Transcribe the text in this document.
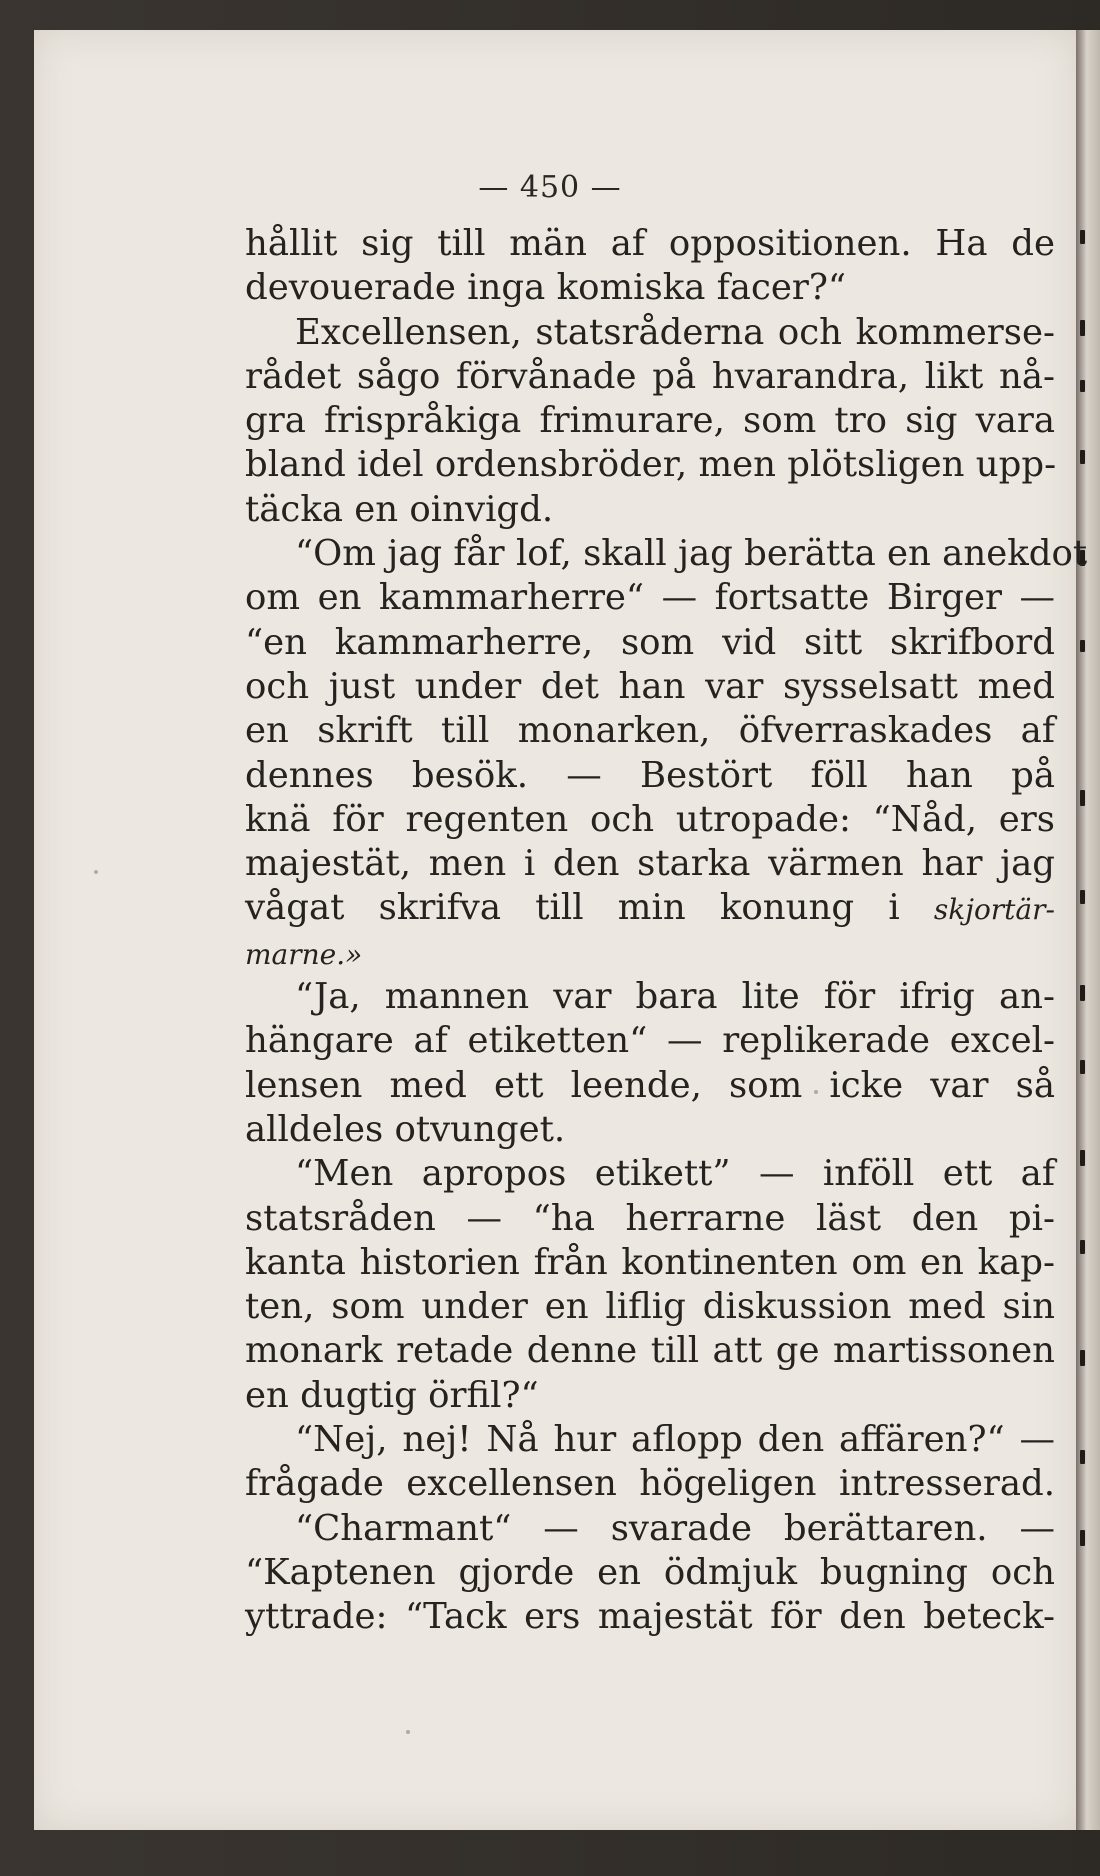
— 450 —
hållit sig till män af oppositionen. Ha de
devouerade inga komiska facer?“
Excellensen, statsråderna och kommerse-
rådet sågo förvånade på hvarandra, likt nå-
gra frispråkiga frimurare, som tro sig vara
bland idel ordensbröder, men plötsligen upp-
täcka en oinvigd.
“Om jag får lof, skall jag berätta en anekdot
om en kammarherre“ — fortsatte Birger —
“en kammarherre, som vid sitt skrifbord
och just under det han var sysselsatt med
en skrift till monarken, öfverraskades af
dennes besök. — Bestört föll han på
knä för regenten och utropade: “Nåd, ers
majestät, men i den starka värmen har jag
vågat skrifva till min konung i skjortär-
marne.»
“Ja, mannen var bara lite för ifrig an-
hängare af etiketten“ — replikerade excel-
lensen med ett leende, som icke var så
alldeles otvunget.
“Men apropos etikett” — inföll ett af
statsråden — “ha herrarne läst den pi-
kanta historien från kontinenten om en kap-
ten, som under en liflig diskussion med sin
monark retade denne till att ge martissonen
en dugtig örfil?“
“Nej, nej! Nå hur aflopp den affären?“ —
frågade excellensen högeligen intresserad.
“Charmant“ — svarade berättaren. —
“Kaptenen gjorde en ödmjuk bugning och
yttrade: “Tack ers majestät för den beteck-
